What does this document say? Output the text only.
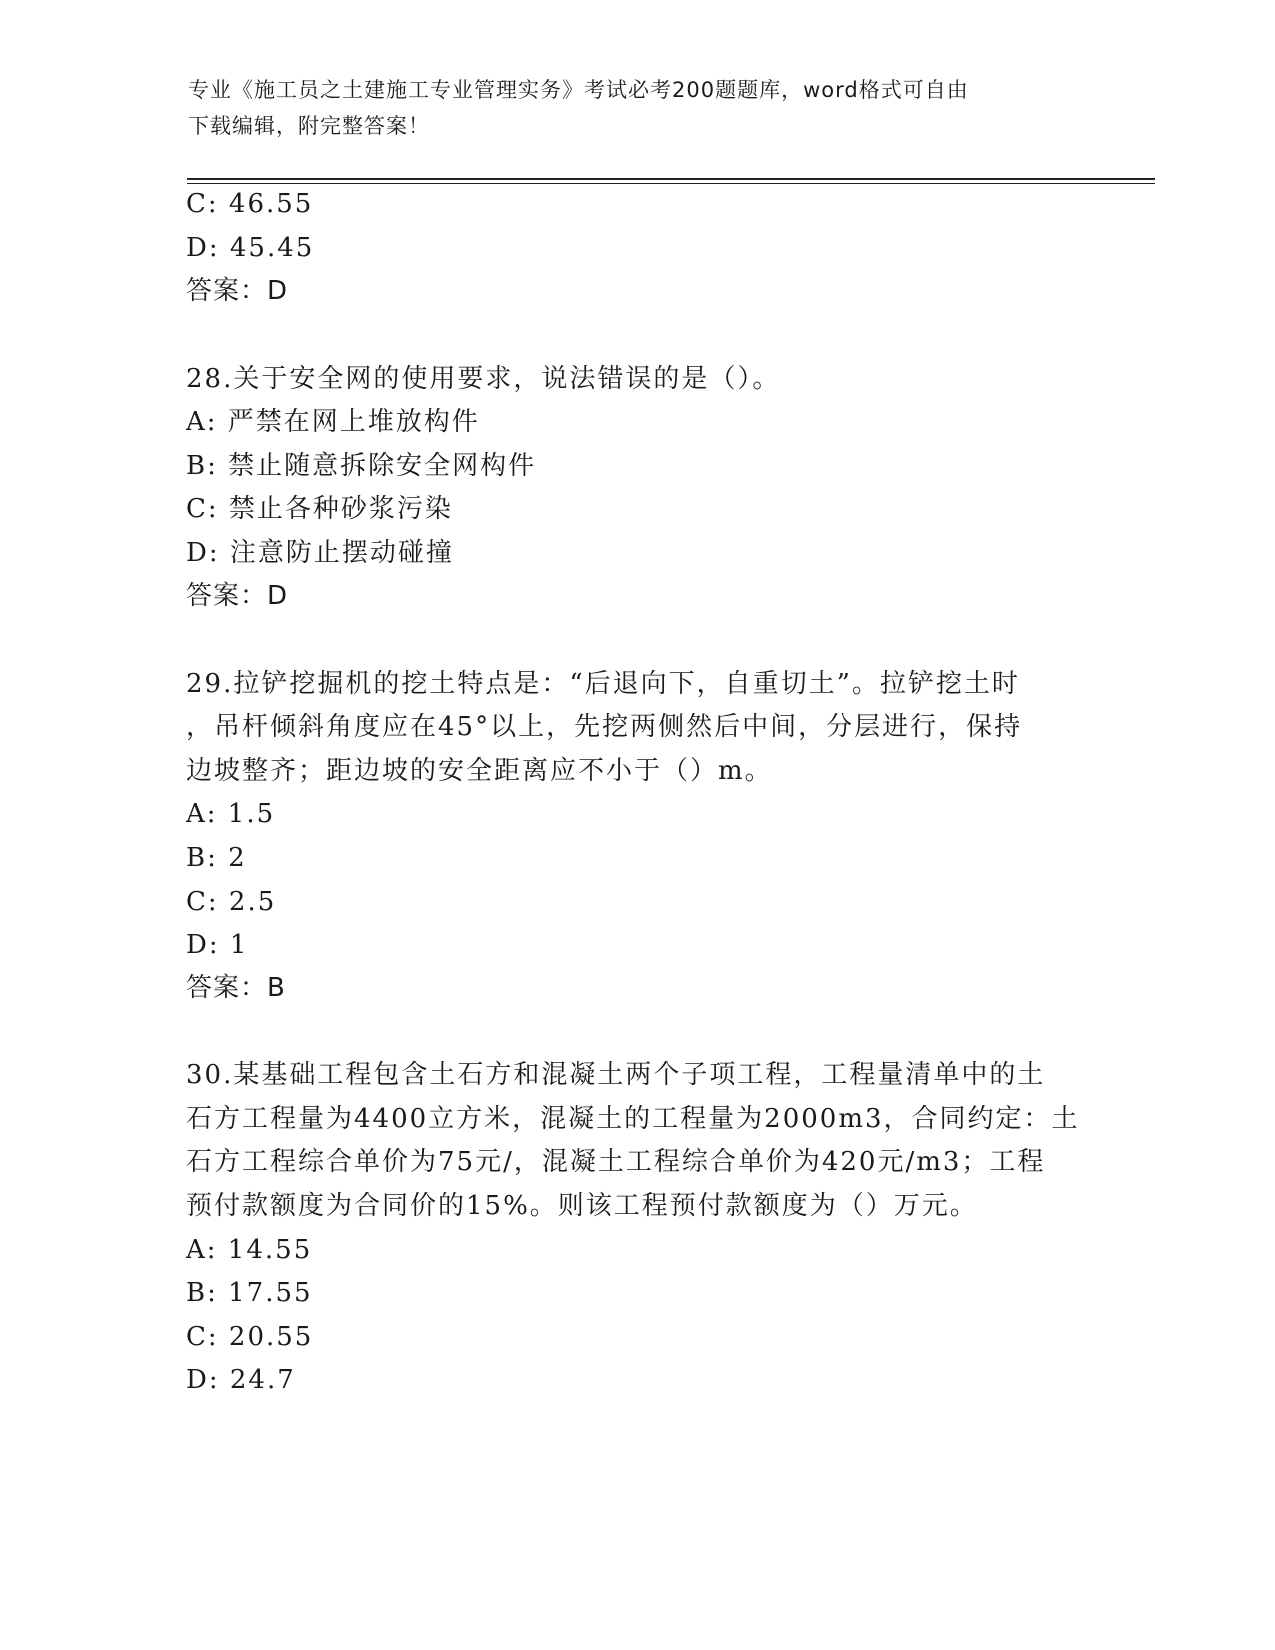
专业《施工员之土建施工专业管理实务》考试必考200题题库，word格式可自由
下载编辑，附完整答案！
C: 46.55
D: 45.45
答案：D
28.关于安全网的使用要求，说法错误的是（）。
A: 严禁在网上堆放构件
B: 禁止随意拆除安全网构件
C: 禁止各种砂浆污染
D: 注意防止摆动碰撞
答案：D
29.拉铲挖掘机的挖土特点是：“后退向下，自重切土”。拉铲挖土时
，吊杆倾斜角度应在45°以上，先挖两侧然后中间，分层进行，保持
边坡整齐；距边坡的安全距离应不小于（）m。
A: 1.5
B: 2
C: 2.5
D: 1
答案：B
30.某基础工程包含土石方和混凝土两个子项工程，工程量清单中的土
石方工程量为4400立方米，混凝土的工程量为2000m3，合同约定：土
石方工程综合单价为75元/，混凝土工程综合单价为420元/m3；工程
预付款额度为合同价的15%。则该工程预付款额度为（）万元。
A: 14.55
B: 17.55
C: 20.55
D: 24.7
